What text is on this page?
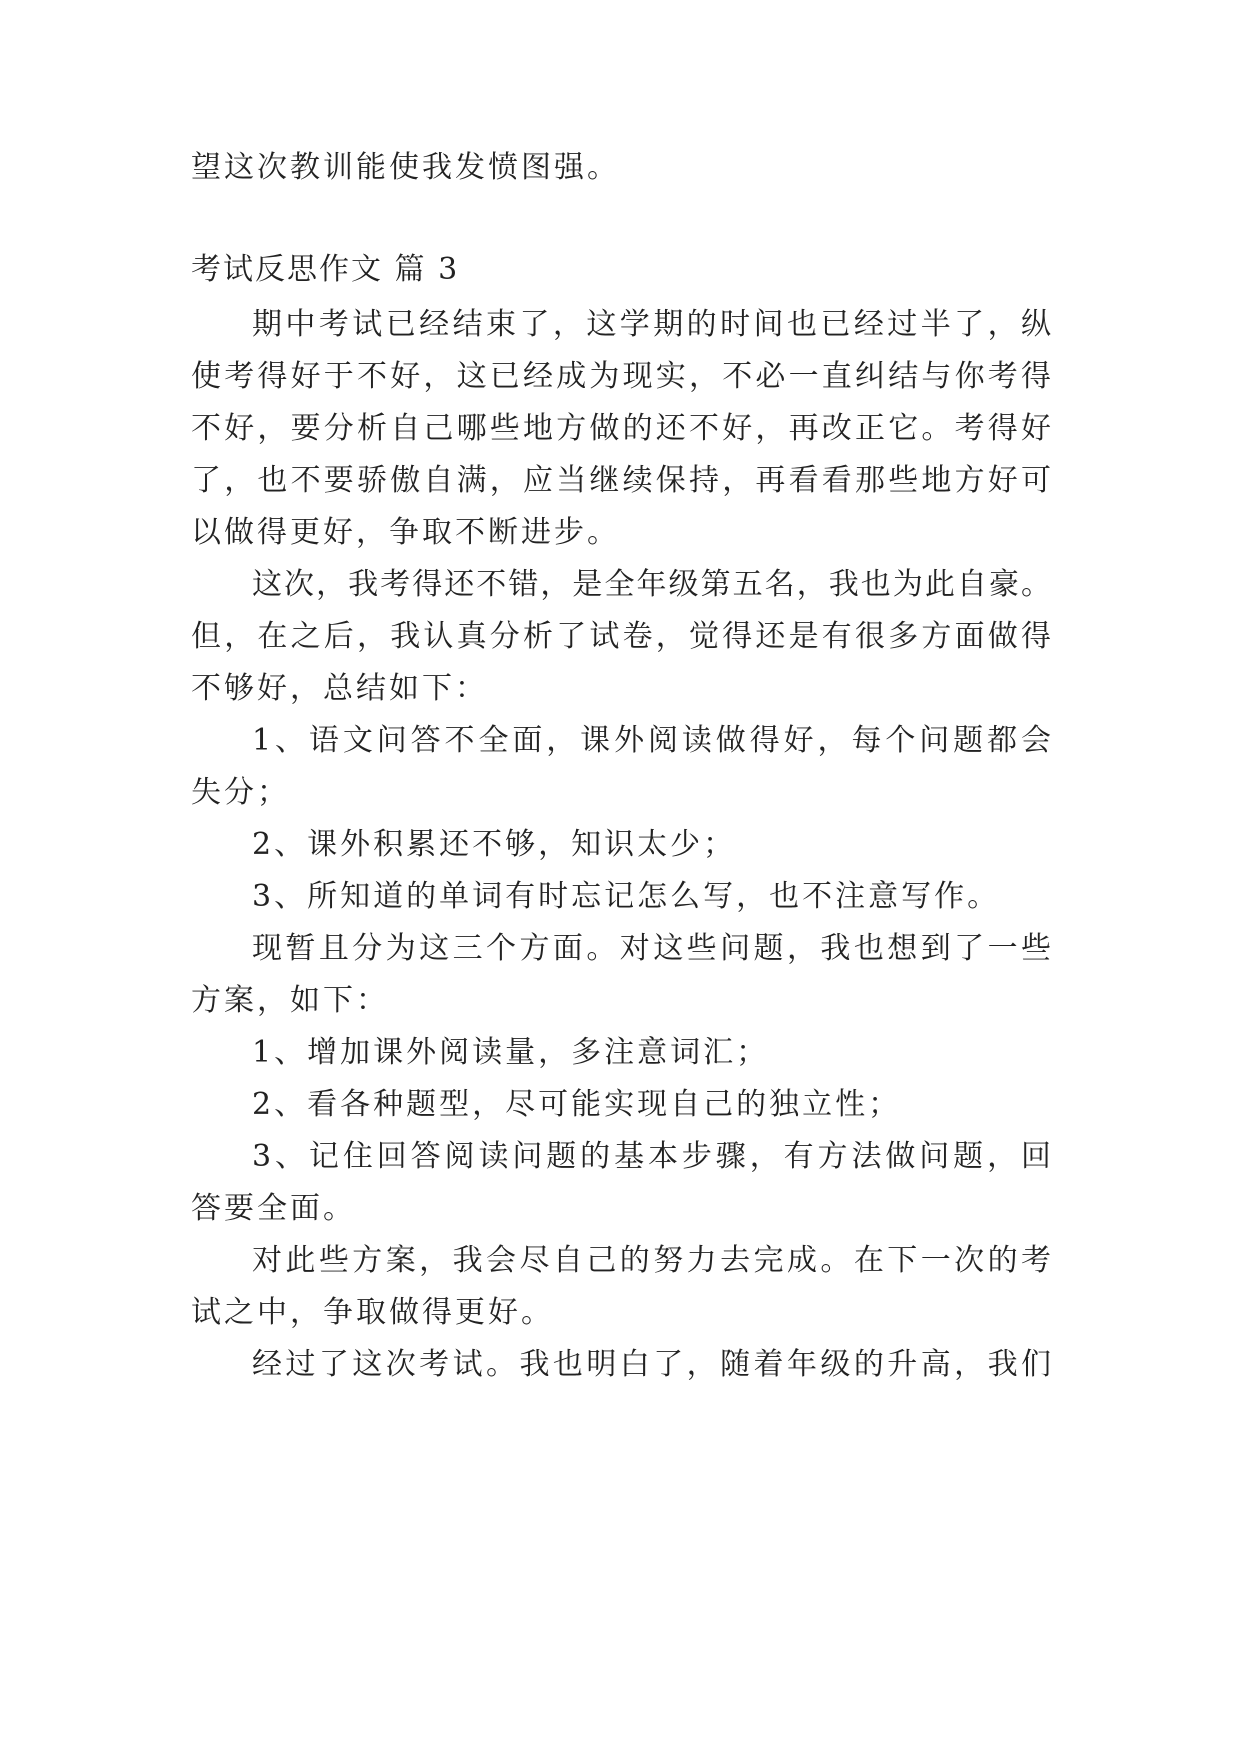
望这次教训能使我发愤图强。
考试反思作文 篇 3
期中考试已经结束了，这学期的时间也已经过半了，纵
使考得好于不好，这已经成为现实，不必一直纠结与你考得
不好，要分析自己哪些地方做的还不好，再改正它。考得好
了，也不要骄傲自满，应当继续保持，再看看那些地方好可
以做得更好，争取不断进步。
这次，我考得还不错，是全年级第五名，我也为此自豪。
但，在之后，我认真分析了试卷，觉得还是有很多方面做得
不够好，总结如下：
1、语文问答不全面，课外阅读做得好，每个问题都会
失分；
2、课外积累还不够，知识太少；
3、所知道的单词有时忘记怎么写，也不注意写作。
现暂且分为这三个方面。对这些问题，我也想到了一些
方案，如下：
1、增加课外阅读量，多注意词汇；
2、看各种题型，尽可能实现自己的独立性；
3、记住回答阅读问题的基本步骤，有方法做问题，回
答要全面。
对此些方案，我会尽自己的努力去完成。在下一次的考
试之中，争取做得更好。
经过了这次考试。我也明白了，随着年级的升高，我们
